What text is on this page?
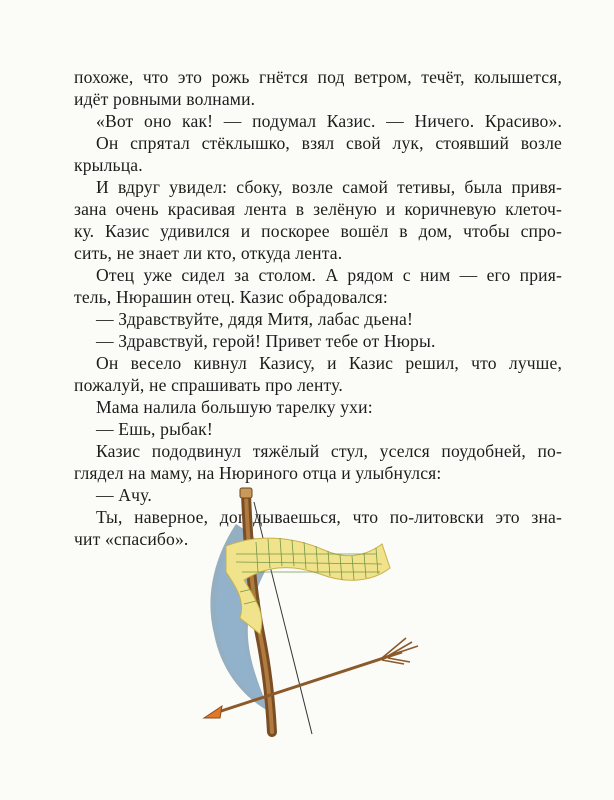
похоже, что это рожь гнётся под ветром, течёт, колышется,
идёт ровными волнами.
«Вот оно как! — подумал Казис. — Ничего. Красиво».
Он спрятал стёклышко, взял свой лук, стоявший возле
крыльца.
И вдруг увидел: сбоку, возле самой тетивы, была привя-
зана очень красивая лента в зелёную и коричневую клеточ-
ку. Казис удивился и поскорее вошёл в дом, чтобы спро-
сить, не знает ли кто, откуда лента.
Отец уже сидел за столом. А рядом с ним — его прия-
тель, Нюрашин отец. Казис обрадовался:
— Здравствуйте, дядя Митя, лабас дьена!
— Здравствуй, герой! Привет тебе от Нюры.
Он весело кивнул Казису, и Казис решил, что лучше,
пожалуй, не спрашивать про ленту.
Мама налила большую тарелку ухи:
— Ешь, рыбак!
Казис пододвинул тяжёлый стул, уселся поудобней, по-
глядел на маму, на Нюриного отца и улыбнулся:
— Ачу.
Ты, наверное, догадываешься, что по-литовски это зна-
чит «спасибо».
